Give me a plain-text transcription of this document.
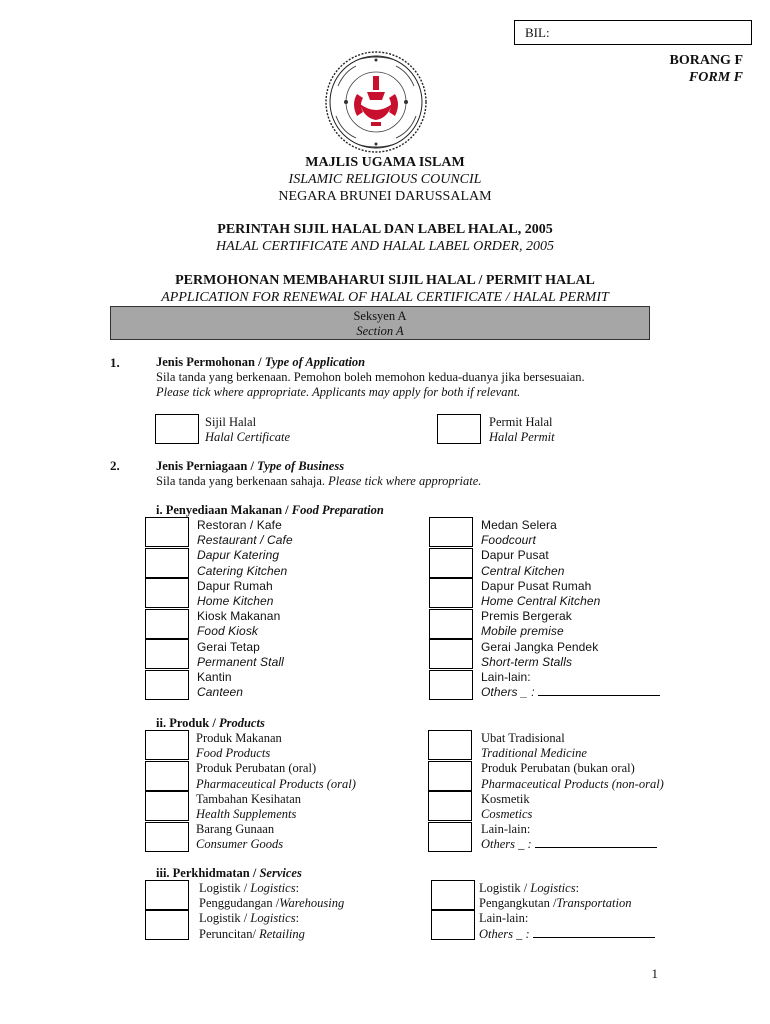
BIL:
BORANG F
FORM F
MAJLIS UGAMA ISLAM
ISLAMIC RELIGIOUS COUNCIL
NEGARA BRUNEI DARUSSALAM
PERINTAH SIJIL HALAL DAN LABEL HALAL, 2005
HALAL CERTIFICATE AND HALAL LABEL ORDER, 2005
PERMOHONAN MEMBAHARUI SIJIL HALAL / PERMIT HALAL
APPLICATION FOR RENEWAL OF HALAL CERTIFICATE / HALAL PERMIT
Seksyen A
Section A
1.	Jenis Permohonan / Type of Application
Sila tanda yang berkenaan. Pemohon boleh memohon kedua-duanya jika bersesuaian.
Please tick where appropriate. Applicants may apply for both if relevant.
Sijil Halal
Halal Certificate
Permit Halal
Halal Permit
2.	Jenis Perniagaan / Type of Business
Sila tanda yang berkenaan sahaja. Please tick where appropriate.
i. Penyediaan Makanan / Food Preparation
Restoran / Kafe
Restaurant / Cafe
Dapur Katering
Catering Kitchen
Dapur Rumah
Home Kitchen
Kiosk Makanan
Food Kiosk
Gerai Tetap
Permanent Stall
Kantin
Canteen
Medan Selera
Foodcourt
Dapur Pusat
Central Kitchen
Dapur Pusat Rumah
Home Central Kitchen
Premis Bergerak
Mobile premise
Gerai Jangka Pendek
Short-term Stalls
Lain-lain:
Others _ :
ii. Produk / Products
Produk Makanan
Food Products
Produk Perubatan (oral)
Pharmaceutical Products (oral)
Tambahan Kesihatan
Health Supplements
Barang Gunaan
Consumer Goods
Ubat Tradisional
Traditional Medicine
Produk Perubatan (bukan oral)
Pharmaceutical Products (non-oral)
Kosmetik
Cosmetics
Lain-lain:
Others _ :
iii. Perkhidmatan / Services
Logistik / Logistics:
Penggudangan /Warehousing
Logistik / Logistics:
Peruncitan/ Retailing
Logistik / Logistics:
Pengangkutan /Transportation
Lain-lain:
Others _ :
1
